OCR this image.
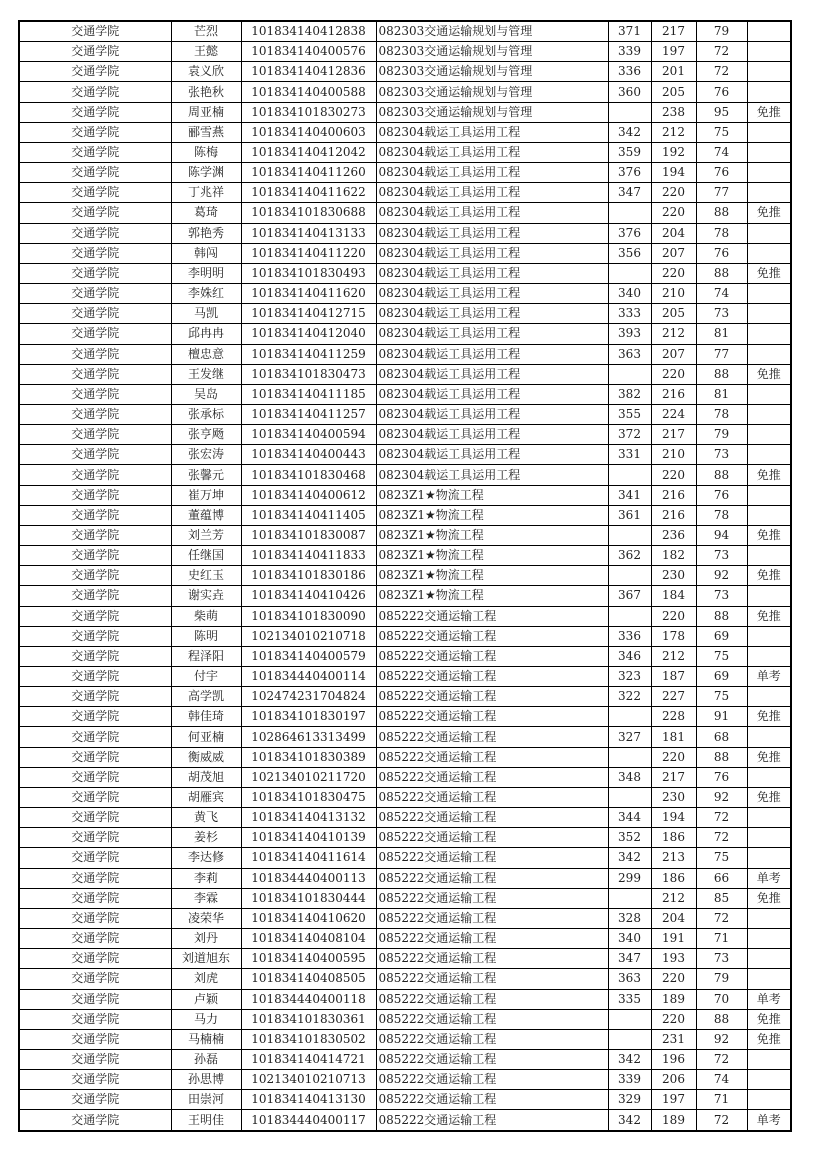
交通学院	芒烈	101834140412838	082303交通运输规划与管理	371	217	79	
交通学院	王懿	101834140400576	082303交通运输规划与管理	339	197	72	
交通学院	袁义欣	101834140412836	082303交通运输规划与管理	336	201	72	
交通学院	张艳秋	101834140400588	082303交通运输规划与管理	360	205	76	
交通学院	周亚楠	101834101830273	082303交通运输规划与管理		238	95	免推
交通学院	郦雪燕	101834140400603	082304载运工具运用工程	342	212	75	
交通学院	陈梅	101834140412042	082304载运工具运用工程	359	192	74	
交通学院	陈学渊	101834140411260	082304载运工具运用工程	376	194	76	
交通学院	丁兆祥	101834140411622	082304载运工具运用工程	347	220	77	
交通学院	葛琦	101834101830688	082304载运工具运用工程		220	88	免推
交通学院	郭艳秀	101834140413133	082304载运工具运用工程	376	204	78	
交通学院	韩闯	101834140411220	082304载运工具运用工程	356	207	76	
交通学院	李明明	101834101830493	082304载运工具运用工程		220	88	免推
交通学院	李姝红	101834140411620	082304载运工具运用工程	340	210	74	
交通学院	马凯	101834140412715	082304载运工具运用工程	333	205	73	
交通学院	邱冉冉	101834140412040	082304载运工具运用工程	393	212	81	
交通学院	檀忠意	101834140411259	082304载运工具运用工程	363	207	77	
交通学院	王发继	101834101830473	082304载运工具运用工程		220	88	免推
交通学院	吴岛	101834140411185	082304载运工具运用工程	382	216	81	
交通学院	张承标	101834140411257	082304载运工具运用工程	355	224	78	
交通学院	张亨飏	101834140400594	082304载运工具运用工程	372	217	79	
交通学院	张宏涛	101834140400443	082304载运工具运用工程	331	210	73	
交通学院	张馨元	101834101830468	082304载运工具运用工程		220	88	免推
交通学院	崔万坤	101834140400612	0823Z1★物流工程	341	216	76	
交通学院	董蕴博	101834140411405	0823Z1★物流工程	361	216	78	
交通学院	刘兰芳	101834101830087	0823Z1★物流工程		236	94	免推
交通学院	任继国	101834140411833	0823Z1★物流工程	362	182	73	
交通学院	史红玉	101834101830186	0823Z1★物流工程		230	92	免推
交通学院	谢实垚	101834140410426	0823Z1★物流工程	367	184	73	
交通学院	柴萌	101834101830090	085222交通运输工程		220	88	免推
交通学院	陈明	102134010210718	085222交通运输工程	336	178	69	
交通学院	程泽阳	101834140400579	085222交通运输工程	346	212	75	
交通学院	付宇	101834440400114	085222交通运输工程	323	187	69	单考
交通学院	高学凯	102474231704824	085222交通运输工程	322	227	75	
交通学院	韩佳琦	101834101830197	085222交通运输工程		228	91	免推
交通学院	何亚楠	102864613313499	085222交通运输工程	327	181	68	
交通学院	衡威威	101834101830389	085222交通运输工程		220	88	免推
交通学院	胡茂旭	102134010211720	085222交通运输工程	348	217	76	
交通学院	胡雁宾	101834101830475	085222交通运输工程		230	92	免推
交通学院	黄飞	101834140413132	085222交通运输工程	344	194	72	
交通学院	姜杉	101834140410139	085222交通运输工程	352	186	72	
交通学院	李达修	101834140411614	085222交通运输工程	342	213	75	
交通学院	李莉	101834440400113	085222交通运输工程	299	186	66	单考
交通学院	李霖	101834101830444	085222交通运输工程		212	85	免推
交通学院	凌荣华	101834140410620	085222交通运输工程	328	204	72	
交通学院	刘丹	101834140408104	085222交通运输工程	340	191	71	
交通学院	刘道旭东	101834140400595	085222交通运输工程	347	193	73	
交通学院	刘虎	101834140408505	085222交通运输工程	363	220	79	
交通学院	卢颖	101834440400118	085222交通运输工程	335	189	70	单考
交通学院	马力	101834101830361	085222交通运输工程		220	88	免推
交通学院	马楠楠	101834101830502	085222交通运输工程		231	92	免推
交通学院	孙磊	101834140414721	085222交通运输工程	342	196	72	
交通学院	孙思博	102134010210713	085222交通运输工程	339	206	74	
交通学院	田崇河	101834140413130	085222交通运输工程	329	197	71	
交通学院	王明佳	101834440400117	085222交通运输工程	342	189	72	单考
